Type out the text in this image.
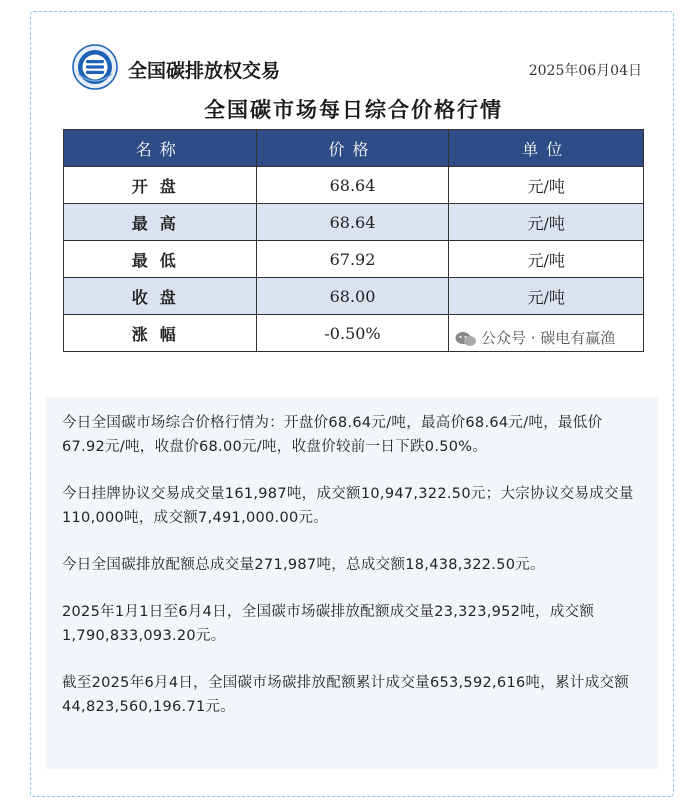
全国碳排放权交易	2025年06月04日
全国碳市场每日综合价格行情
名称	价格	单位
开盘	68.64	元/吨
最高	68.64	元/吨
最低	67.92	元/吨
收盘	68.00	元/吨
涨幅	-0.50%		公众号 · 碳电有赢渔

今日全国碳市场综合价格行情为：开盘价68.64元/吨，最高价68.64元/吨，最低价67.92元/吨，收盘价68.00元/吨，收盘价较前一日下跌0.50%。

今日挂牌协议交易成交量161,987吨，成交额10,947,322.50元；大宗协议交易成交量110,000吨，成交额7,491,000.00元。

今日全国碳排放配额总成交量271,987吨，总成交额18,438,322.50元。

2025年1月1日至6月4日，全国碳市场碳排放配额成交量23,323,952吨，成交额1,790,833,093.20元。

截至2025年6月4日，全国碳市场碳排放配额累计成交量653,592,616吨，累计成交额44,823,560,196.71元。
